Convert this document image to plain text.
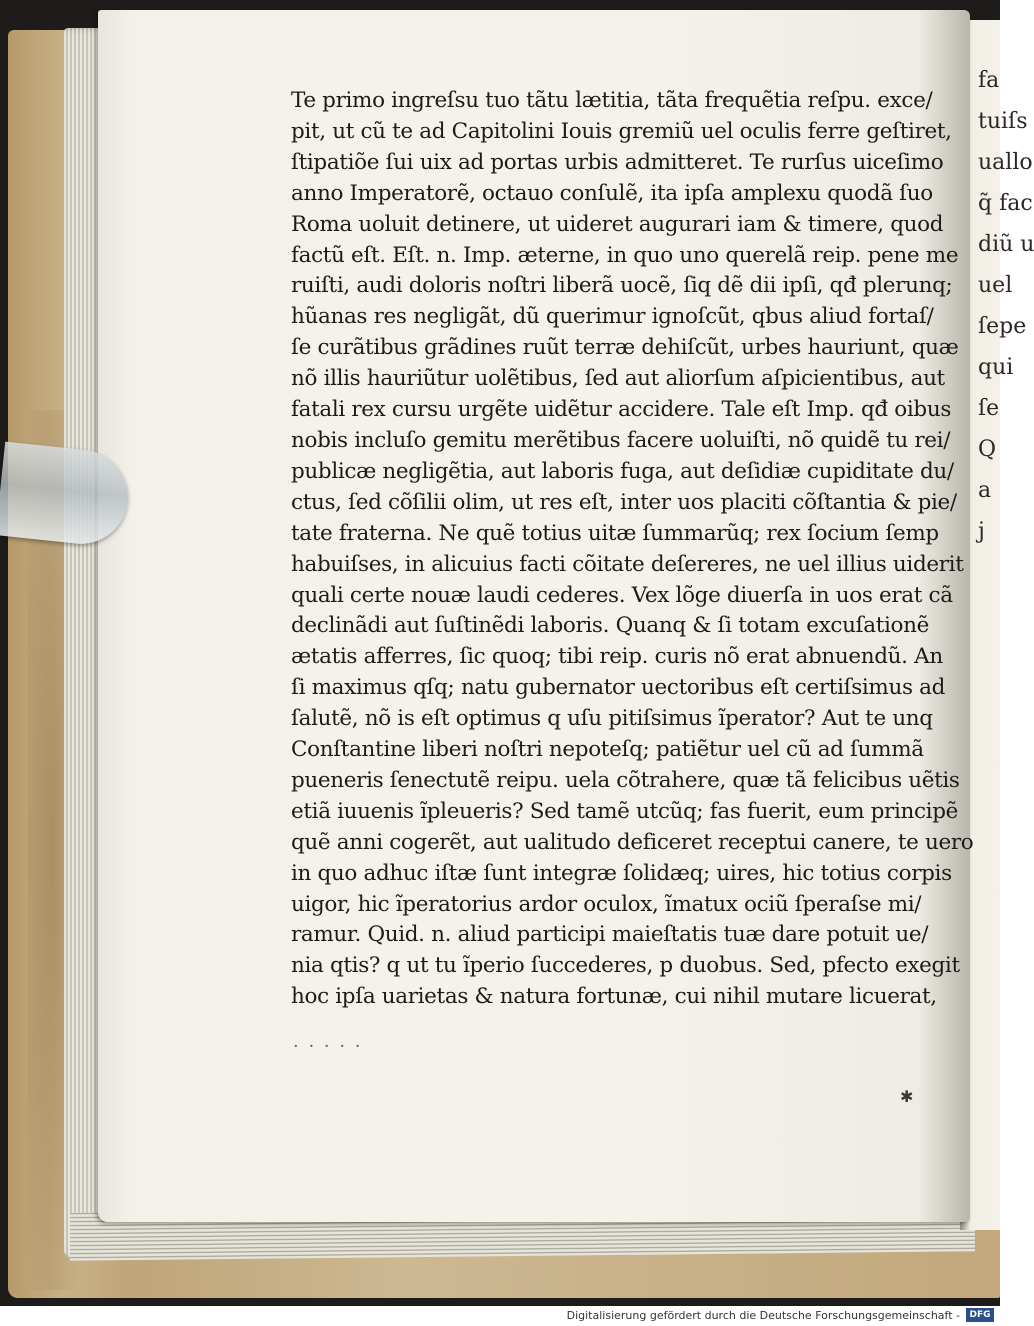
fa
tuiſs
uallo
q̃ fac
diũ u
uel
ſepe
qui
ſe
Q
a
j
Te primo ingreſsu tuo tãtu lætitia, tãta frequẽtia reſpu. exce/
pit, ut cũ te ad Capitolini Iouis gremiũ uel oculis ferre geſtiret,
ſtipatiõe ſui uix ad portas urbis admitteret. Te rurſus uiceſimo
anno Imperatorẽ, octauo conſulẽ, ita ipſa amplexu quodã ſuo
Roma uoluit detinere, ut uideret augurari iam & timere, quod
factũ eſt. Eſt. n. Imp. æterne, in quo uno querelã reip. pene me
ruiſti, audi doloris noſtri liberã uocẽ, ſiq dẽ dii ipſi, qđ plerunq;
hũanas res negligãt, dũ querimur ignoſcũt, qbus aliud fortaſ/
ſe curãtibus grãdines ruũt terræ dehiſcũt, urbes hauriunt, quæ
nõ illis hauriũtur uolẽtibus, ſed aut aliorſum aſpicientibus, aut
fatali rex cursu urgẽte uidẽtur accidere. Tale eſt Imp. qđ oibus
nobis incluſo gemitu merẽtibus facere uoluiſti, nõ quidẽ tu rei/
publicæ negligẽtia, aut laboris fuga, aut deſidiæ cupiditate du/
ctus, ſed cõſilii olim, ut res eſt, inter uos placiti cõſtantia & pie/
tate fraterna. Ne quẽ totius uitæ ſummarũq; rex ſocium ſemp
habuiſses, in alicuius facti cõitate deſereres, ne uel illius uiderit
quali certe nouæ laudi cederes. Vex lõge diuerſa in uos erat cã
declinãdi aut ſuſtinẽdi laboris. Quanq & ſi totam excuſationẽ
ætatis afferres, ſic quoq; tibi reip. curis nõ erat abnuendũ. An
ſi maximus qſq; natu gubernator uectoribus eſt certiſsimus ad
ſalutẽ, nõ is eſt optimus q uſu pitiſsimus ĩperator? Aut te unq
Conſtantine liberi noſtri nepoteſq; patiẽtur uel cũ ad ſummã
pueneris ſenectutẽ reipu. uela cõtrahere, quæ tã felicibus uẽtis
etiã iuuenis ĩpleueris? Sed tamẽ utcũq; fas fuerit, eum principẽ
quẽ anni cogerẽt, aut ualitudo deficeret receptui canere, te uero
in quo adhuc iſtæ ſunt integræ ſolidæq; uires, hic totius corpis
uigor, hic ĩperatorius ardor oculox, ĩmatux ociũ ſperaſse mi/
ramur. Quid. n. aliud participi maieſtatis tuæ dare potuit ue/
nia qtis? q ut tu ĩperio ſuccederes, p duobus. Sed, pfecto exegit
hoc ipſa uarietas & natura fortunæ, cui nihil mutare licuerat,
· · · · ·
✱
Digitalisierung gefördert durch die Deutsche Forschungsgemeinschaft -	DFG
